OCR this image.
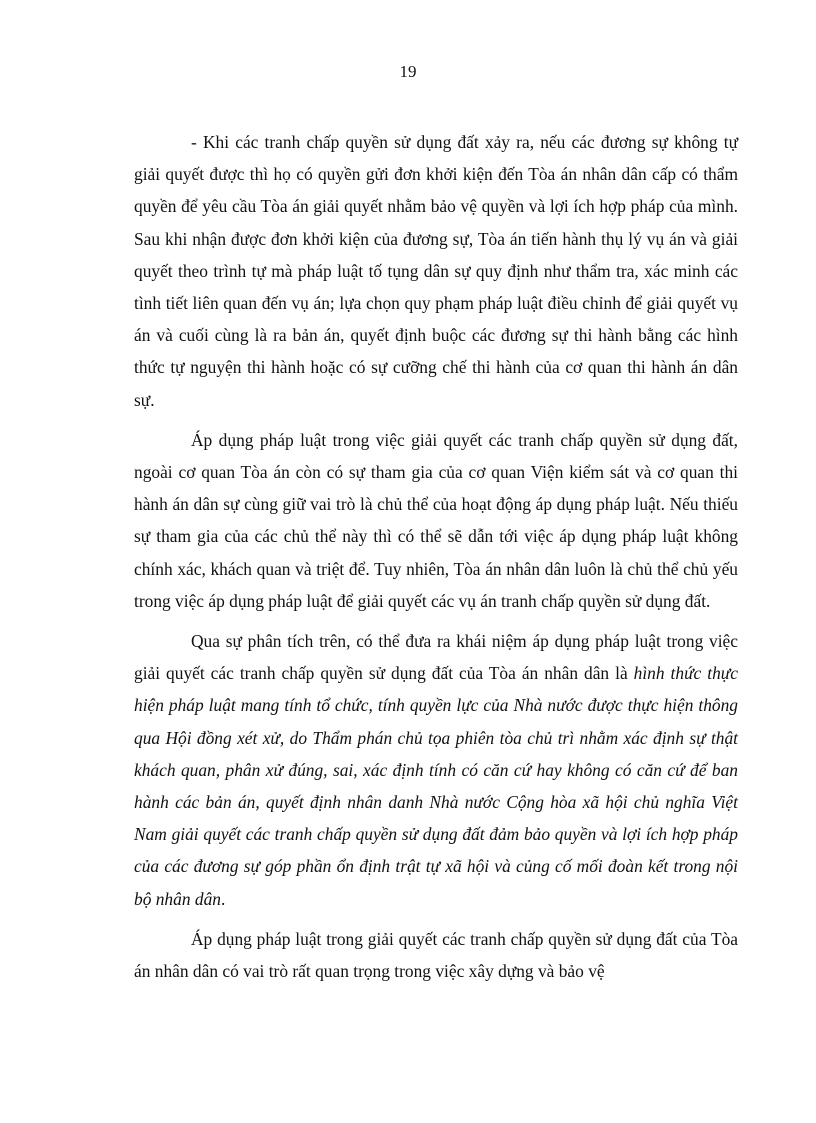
19

- Khi các tranh chấp quyền sử dụng đất xảy ra, nếu các đương sự không tự giải quyết được thì họ có quyền gửi đơn khởi kiện đến Tòa án nhân dân cấp có thẩm quyền để yêu cầu Tòa án giải quyết nhằm bảo vệ quyền và lợi ích hợp pháp của mình. Sau khi nhận được đơn khởi kiện của đương sự, Tòa án tiến hành thụ lý vụ án và giải quyết theo trình tự mà pháp luật tố tụng dân sự quy định như thẩm tra, xác minh các tình tiết liên quan đến vụ án; lựa chọn quy phạm pháp luật điều chỉnh để giải quyết vụ án và cuối cùng là ra bản án, quyết định buộc các đương sự thi hành bằng các hình thức tự nguyện thi hành hoặc có sự cưỡng chế thi hành của cơ quan thi hành án dân sự.

Áp dụng pháp luật trong việc giải quyết các tranh chấp quyền sử dụng đất, ngoài cơ quan Tòa án còn có sự tham gia của cơ quan Viện kiểm sát và cơ quan thi hành án dân sự cùng giữ vai trò là chủ thể của hoạt động áp dụng pháp luật. Nếu thiếu sự tham gia của các chủ thể này thì có thể sẽ dẫn tới việc áp dụng pháp luật không chính xác, khách quan và triệt để. Tuy nhiên, Tòa án nhân dân luôn là chủ thể chủ yếu trong việc áp dụng pháp luật để giải quyết các vụ án tranh chấp quyền sử dụng đất.

Qua sự phân tích trên, có thể đưa ra khái niệm áp dụng pháp luật trong việc giải quyết các tranh chấp quyền sử dụng đất của Tòa án nhân dân là hình thức thực hiện pháp luật mang tính tổ chức, tính quyền lực của Nhà nước được thực hiện thông qua Hội đồng xét xử, do Thẩm phán chủ tọa phiên tòa chủ trì nhằm xác định sự thật khách quan, phân xử đúng, sai, xác định tính có căn cứ hay không có căn cứ để ban hành các bản án, quyết định nhân danh Nhà nước Cộng hòa xã hội chủ nghĩa Việt Nam giải quyết các tranh chấp quyền sử dụng đất đảm bảo quyền và lợi ích hợp pháp của các đương sự góp phần ổn định trật tự xã hội và củng cố mối đoàn kết trong nội bộ nhân dân.

Áp dụng pháp luật trong giải quyết các tranh chấp quyền sử dụng đất của Tòa án nhân dân có vai trò rất quan trọng trong việc xây dựng và bảo vệ
